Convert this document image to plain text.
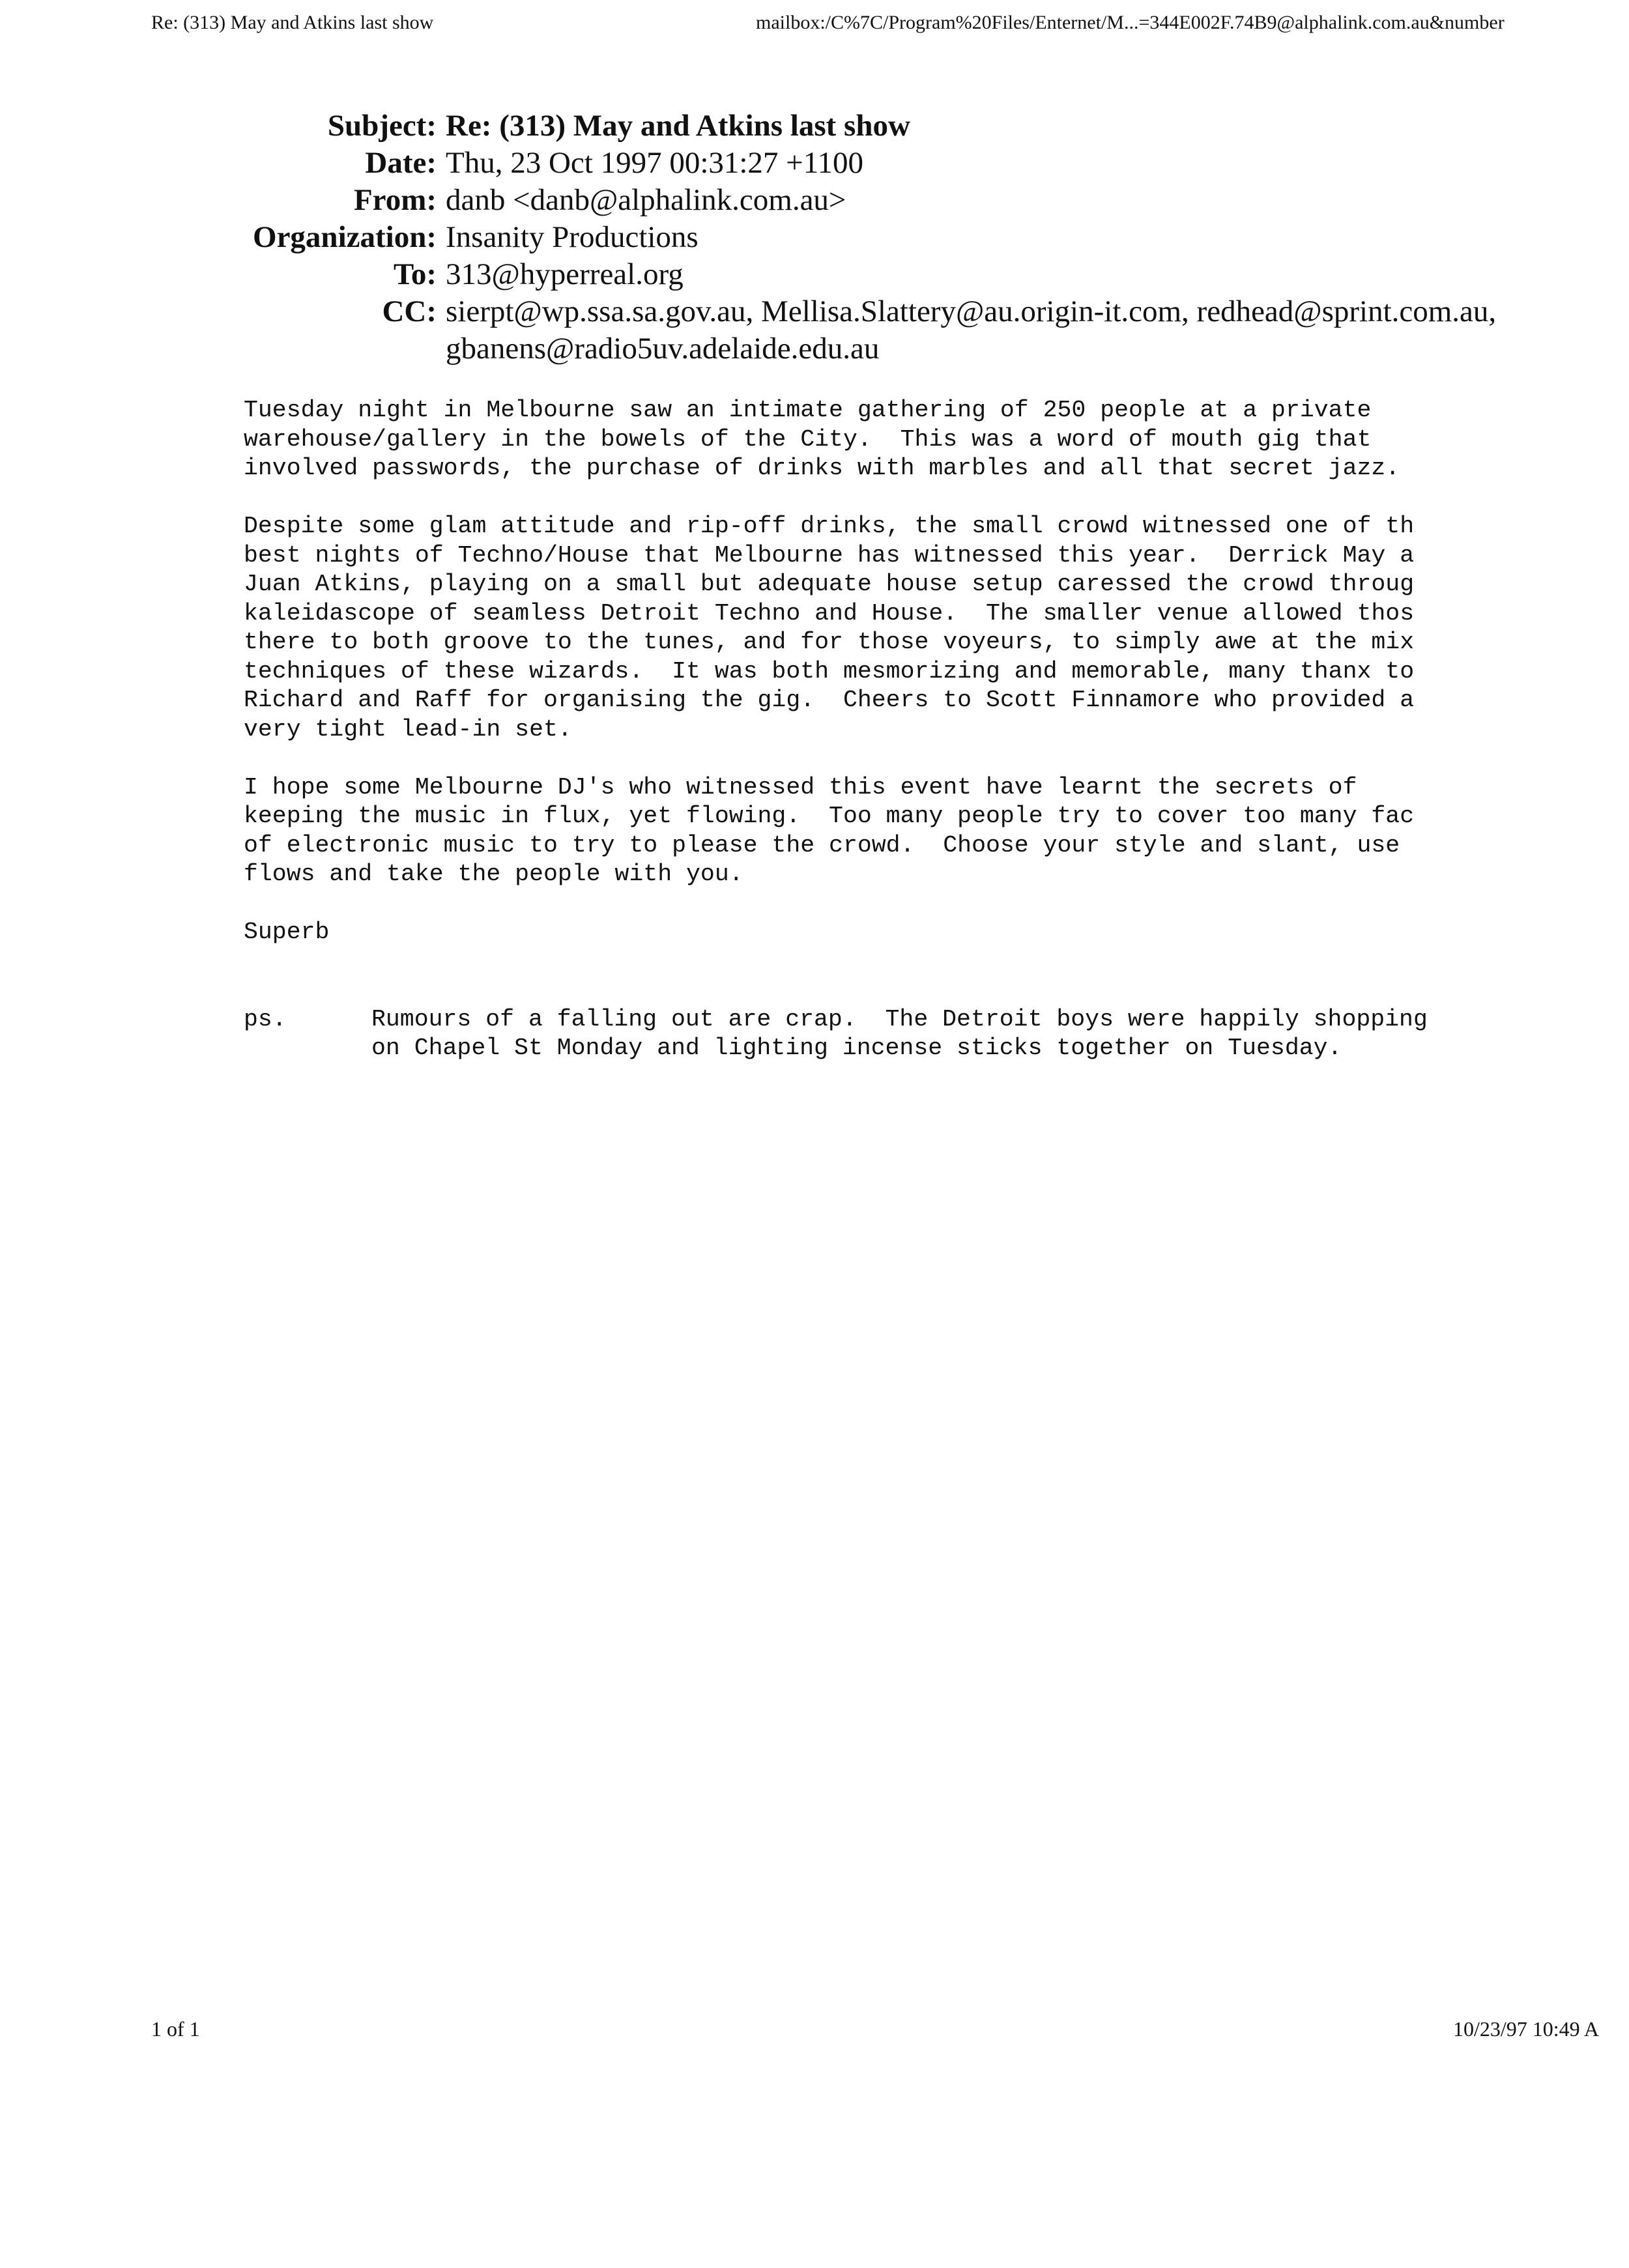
Re: (313) May and Atkins last show	mailbox:/C%7C/Program%20Files/Enternet/M...=344E002F.74B9@alphalink.com.au&number
Subject: Re: (313) May and Atkins last show
Date: Thu, 23 Oct 1997 00:31:27 +1100
From: danb <danb@alphalink.com.au>
Organization: Insanity Productions
To: 313@hyperreal.org
CC: sierpt@wp.ssa.sa.gov.au, Mellisa.Slattery@au.origin-it.com, redhead@sprint.com.au,
gbanens@radio5uv.adelaide.edu.au
Tuesday night in Melbourne saw an intimate gathering of 250 people at a private
warehouse/gallery in the bowels of the City.  This was a word of mouth gig that
involved passwords, the purchase of drinks with marbles and all that secret jazz.
Despite some glam attitude and rip-off drinks, the small crowd witnessed one of th
best nights of Techno/House that Melbourne has witnessed this year.  Derrick May a
Juan Atkins, playing on a small but adequate house setup caressed the crowd throug
kaleidascope of seamless Detroit Techno and House.  The smaller venue allowed thos
there to both groove to the tunes, and for those voyeurs, to simply awe at the mix
techniques of these wizards.  It was both mesmorizing and memorable, many thanx to
Richard and Raff for organising the gig.  Cheers to Scott Finnamore who provided a
very tight lead-in set.
I hope some Melbourne DJ's who witnessed this event have learnt the secrets of
keeping the music in flux, yet flowing.  Too many people try to cover too many fac
of electronic music to try to please the crowd.  Choose your style and slant, use
flows and take the people with you.
Superb
ps.	Rumours of a falling out are crap.  The Detroit boys were happily shopping
on Chapel St Monday and lighting incense sticks together on Tuesday.
1 of 1	10/23/97 10:49 A
